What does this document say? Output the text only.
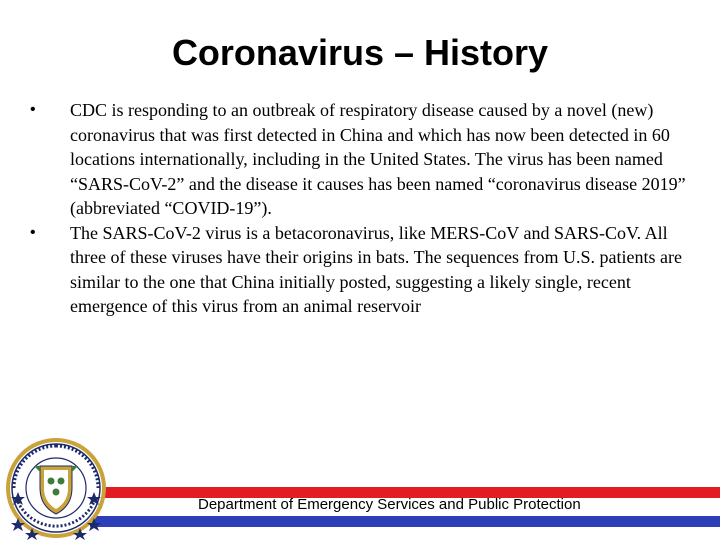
Coronavirus – History
• CDC is responding to an outbreak of respiratory disease caused by a novel (new) coronavirus that was first detected in China and which has now been detected in 60 locations internationally, including in the United States. The virus has been named “SARS-CoV-2” and the disease it causes has been named “coronavirus disease 2019” (abbreviated “COVID-19”).
• The SARS-CoV-2 virus is a betacoronavirus, like MERS-CoV and SARS-CoV. All three of these viruses have their origins in bats. The sequences from U.S. patients are similar to the one that China initially posted, suggesting a likely single, recent emergence of this virus from an animal reservoir
Department of Emergency Services and Public Protection
